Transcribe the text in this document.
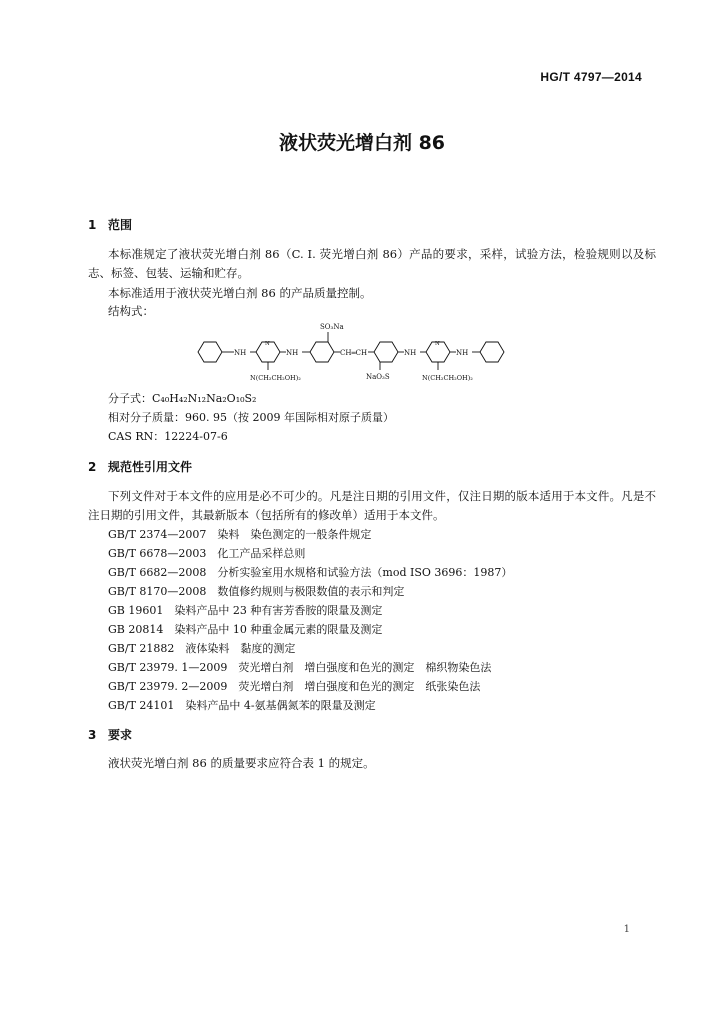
HG/T 4797—2014
液状荧光增白剂 86
1 范围
本标准规定了液状荧光增白剂 86（C. I. 荧光增白剂 86）产品的要求，采样，试验方法，检验规则以及标志、标签、包装、运输和贮存。
本标准适用于液状荧光增白剂 86 的产品质量控制。
结构式：
NH
N
NH
N(CH₂CH₂OH)₂
SO₃Na
CH═CH
NaO₃S
NH
N
NH
N(CH₂CH₂OH)₂
分子式：C₄₀H₄₂N₁₂Na₂O₁₀S₂
相对分子质量：960. 95（按 2009 年国际相对原子质量）
CAS RN：12224-07-6
2 规范性引用文件
下列文件对于本文件的应用是必不可少的。凡是注日期的引用文件，仅注日期的版本适用于本文件。凡是不注日期的引用文件，其最新版本（包括所有的修改单）适用于本文件。
GB/T 2374—2007　 染料　染色测定的一般条件规定
GB/T 6678—2003　 化工产品采样总则
GB/T 6682—2008　 分析实验室用水规格和试验方法（mod ISO 3696：1987）
GB/T 8170—2008　 数值修约规则与极限数值的表示和判定
GB 19601　 染料产品中 23 种有害芳香胺的限量及测定
GB 20814　 染料产品中 10 种重金属元素的限量及测定
GB/T 21882　 液体染料　黏度的测定
GB/T 23979. 1—2009　 荧光增白剂　增白强度和色光的测定　棉织物染色法
GB/T 23979. 2—2009　 荧光增白剂　增白强度和色光的测定　纸张染色法
GB/T 24101　 染料产品中 4-氨基偶氮苯的限量及测定
3 要求
液状荧光增白剂 86 的质量要求应符合表 1 的规定。
1
